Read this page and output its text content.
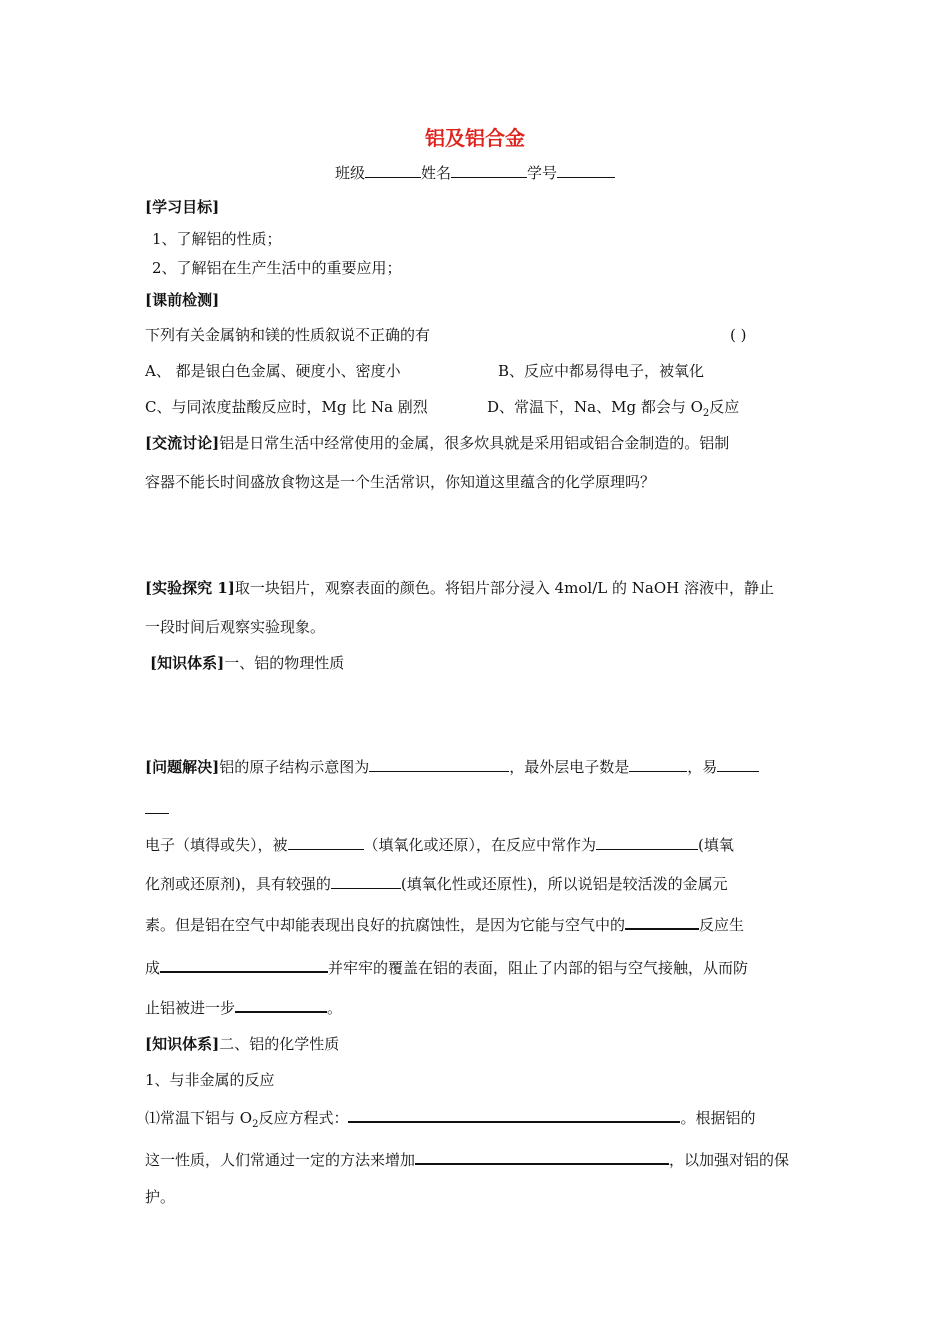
铝及铝合金
班级	姓名	学号
[学习目标]
1、了解铝的性质；
2、了解铝在生产生活中的重要应用；
[课前检测]
下列有关金属钠和镁的性质叙说不正确的有	( )
A、 都是银白色金属、硬度小、密度小	B、反应中都易得电子，被氧化
C、与同浓度盐酸反应时，Mg 比 Na 剧烈	D、常温下，Na、Mg 都会与 $O_2$反应
[交流讨论]铝是日常生活中经常使用的金属，很多炊具就是采用铝或铝合金制造的。铝制
容器不能长时间盛放食物这是一个生活常识，你知道这里蕴含的化学原理吗？
[实验探究 1]取一块铝片，观察表面的颜色。将铝片部分浸入 4mol/L 的 NaOH 溶液中，静止
一段时间后观察实验现象。
[知识体系]一、铝的物理性质
[问题解决]铝的原子结构示意图为	，最外层电子数是	，易
电子（填得或失），被	（填氧化或还原），在反应中常作为	(填氧
化剂或还原剂)，具有较强的	(填氧化性或还原性)，所以说铝是较活泼的金属元
素。但是铝在空气中却能表现出良好的抗腐蚀性，是因为它能与空气中的	反应生
成	并牢牢的覆盖在铝的表面，阻止了内部的铝与空气接触，从而防
止铝被进一步	。
[知识体系]二、铝的化学性质
1、与非金属的反应
⑴常温下铝与 $O_2$反应方程式：	。根据铝的
这一性质，人们常通过一定的方法来增加	，以加强对铝的保
护。
